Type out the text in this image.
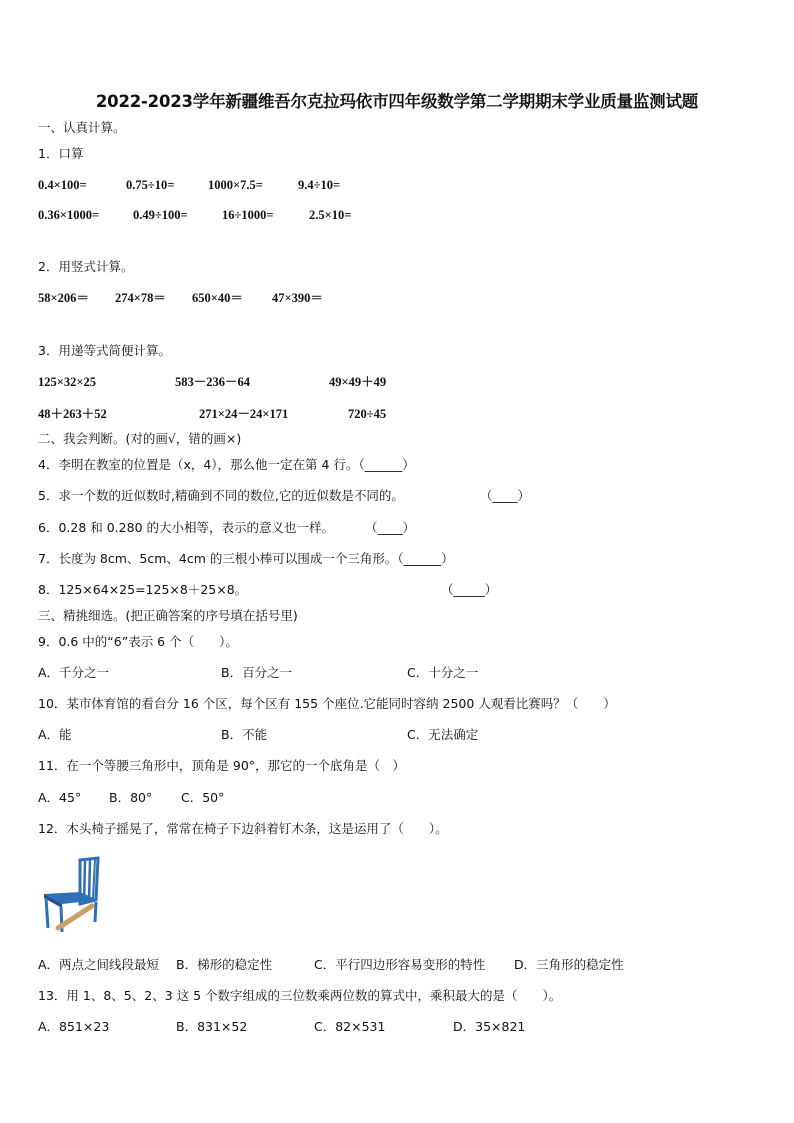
2022-2023学年新疆维吾尔克拉玛依市四年级数学第二学期期末学业质量监测试题
一、认真计算。
1．口算
0.4×100=	0.75÷10=	1000×7.5=	9.4÷10=
0.36×1000=	0.49÷100=	16÷1000=	2.5×10=
2．用竖式计算。
58×206＝ 274×78＝ 650×40＝ 47×390＝
3．用递等式简便计算。
125×32×25	583－236－64	49×49＋49
48＋263＋52	271×24－24×171	720÷45
二、我会判断。(对的画√，错的画×)
4．李明在教室的位置是（x，4），那么他一定在第 4 行。（______）
5．求一个数的近似数时,精确到不同的数位,它的近似数是不同的。	（____）
6．0.28 和 0.280 的大小相等，表示的意义也一样。 （____）
7．长度为 8cm、5cm、4cm 的三根小棒可以围成一个三角形。（______）
8．125×64×25=125×8＋25×8。	（_____）
三、精挑细选。(把正确答案的序号填在括号里)
9．0.6 中的“6”表示 6 个（　　）。
A．千分之一	B．百分之一	C．十分之一
10．某市体育馆的看台分 16 个区，每个区有 155 个座位.它能同时容纳 2500 人观看比赛吗？（　　）
A．能	B．不能	C．无法确定
11．在一个等腰三角形中，顶角是 90°，那它的一个底角是（　）
A．45° B．80° C．50°
12．木头椅子摇晃了，常常在椅子下边斜着钉木条，这是运用了（　　）。
A．两点之间线段最短 B．梯形的稳定性	C．平行四边形容易变形的特性 D．三角形的稳定性
13．用 1、8、5、2、3 这 5 个数字组成的三位数乘两位数的算式中，乘积最大的是（　　）。
A．851×23	B．831×52	C．82×531	D．35×821
